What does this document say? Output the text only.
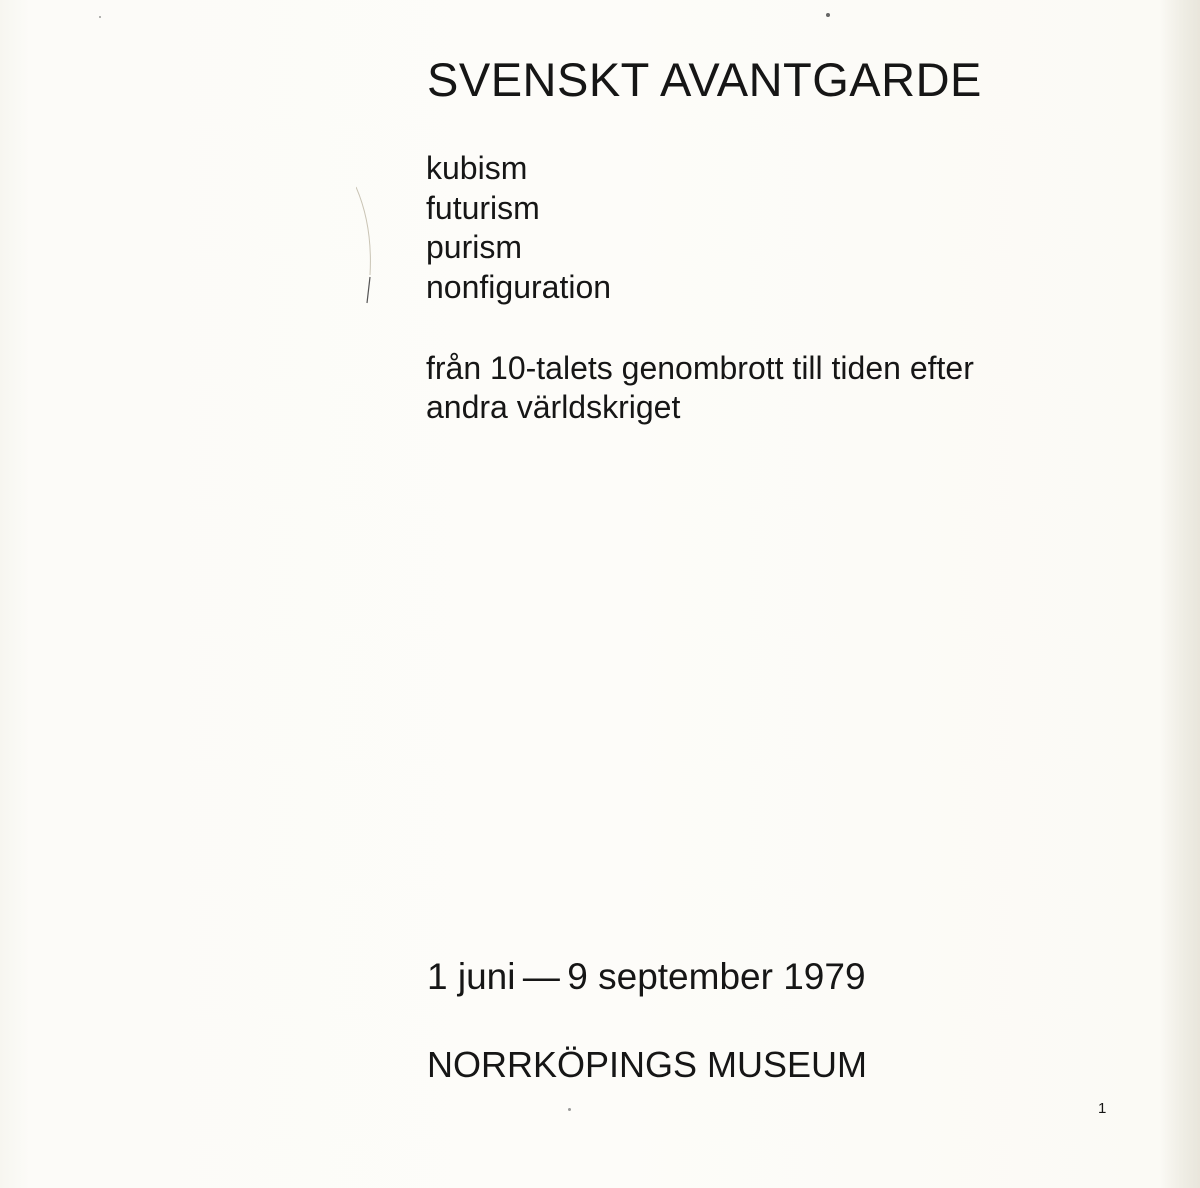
SVENSKT AVANTGARDE
kubism
futurism
purism
nonfiguration

från 10-talets genombrott till tiden efter
andra världskriget

1 juni — 9 september 1979

NORRKÖPINGS MUSEUM

1
